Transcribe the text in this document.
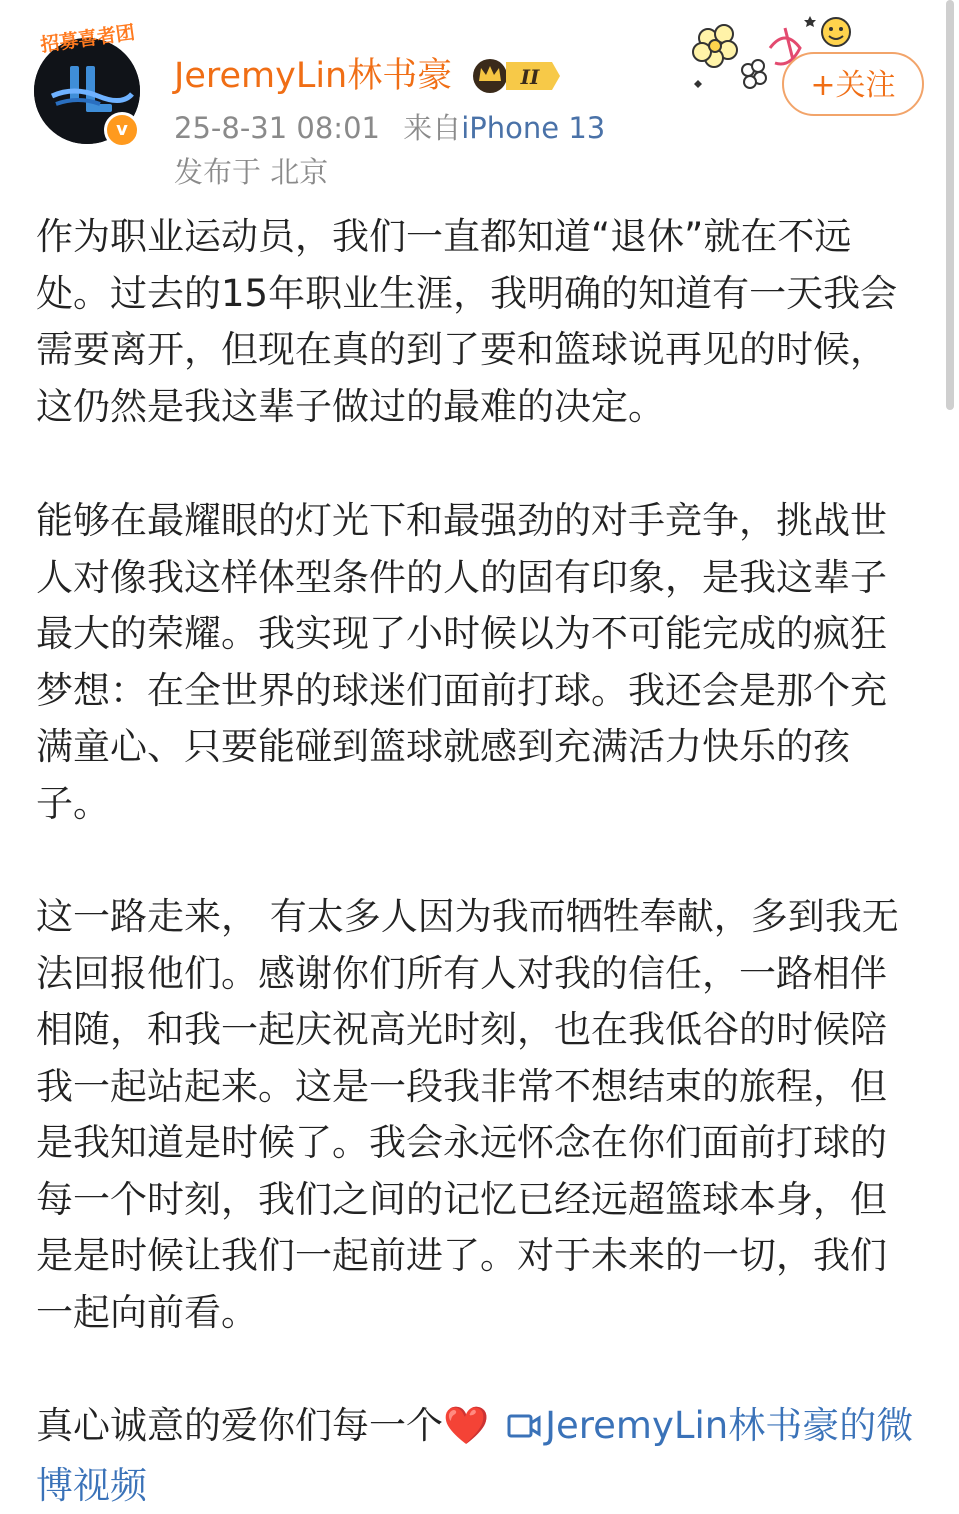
招募喜者团
v
JeremyLin林书豪	II
25-8-31 08:01 来自iPhone 13
发布于 北京
+关注

作为职业运动员，我们一直都知道“退休”就在不远处。过去的15年职业生涯，我明确的知道有一天我会需要离开，但现在真的到了要和篮球说再见的时候，这仍然是我这辈子做过的最难的决定。

能够在最耀眼的灯光下和最强劲的对手竞争，挑战世人对像我这样体型条件的人的固有印象，是我这辈子最大的荣耀。我实现了小时候以为不可能完成的疯狂梦想：在全世界的球迷们面前打球。我还会是那个充满童心、只要能碰到篮球就感到充满活力快乐的孩子。

这一路走来， 有太多人因为我而牺牲奉献，多到我无法回报他们。感谢你们所有人对我的信任，一路相伴相随，和我一起庆祝高光时刻，也在我低谷的时候陪我一起站起来。这是一段我非常不想结束的旅程，但是我知道是时候了。我会永远怀念在你们面前打球的每一个时刻，我们之间的记忆已经远超篮球本身，但是是时候让我们一起前进了。对于未来的一切，我们一起向前看。

真心诚意的爱你们每一个❤️ JeremyLin林书豪的微博视频
